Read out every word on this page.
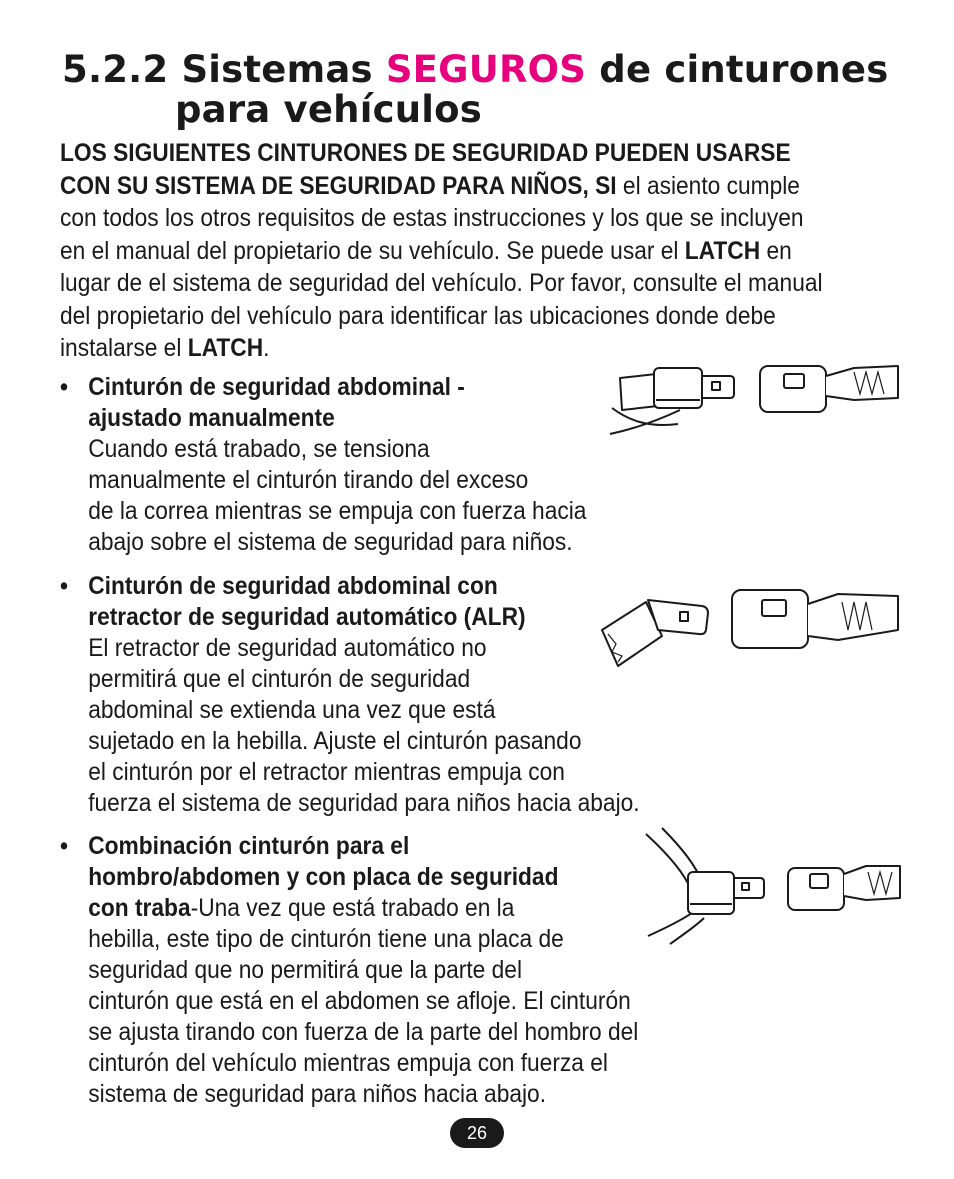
5.2.2 Sistemas SEGUROS de cinturones
para vehículos
LOS SIGUIENTES CINTURONES DE SEGURIDAD PUEDEN USARSE CON SU SISTEMA DE SEGURIDAD PARA NIÑOS, SI el asiento cumple con todos los otros requisitos de estas instrucciones y los que se incluyen en el manual del propietario de su vehículo. Se puede usar el LATCH en lugar de el sistema de seguridad del vehículo. Por favor, consulte el manual del propietario del vehículo para identificar las ubicaciones donde debe instalarse el LATCH.
• Cinturón de seguridad abdominal -
ajustado manualmente
Cuando está trabado, se tensiona
manualmente el cinturón tirando del exceso
de la correa mientras se empuja con fuerza hacia
abajo sobre el sistema de seguridad para niños.
• Cinturón de seguridad abdominal con
retractor de seguridad automático (ALR)
El retractor de seguridad automático no
permitirá que el cinturón de seguridad
abdominal se extienda una vez que está
sujetado en la hebilla. Ajuste el cinturón pasando
el cinturón por el retractor mientras empuja con
fuerza el sistema de seguridad para niños hacia abajo.
• Combinación cinturón para el
hombro/abdomen y con placa de seguridad
con traba-Una vez que está trabado en la
hebilla, este tipo de cinturón tiene una placa de
seguridad que no permitirá que la parte del
cinturón que está en el abdomen se afloje. El cinturón
se ajusta tirando con fuerza de la parte del hombro del
cinturón del vehículo mientras empuja con fuerza el
sistema de seguridad para niños hacia abajo.
26
